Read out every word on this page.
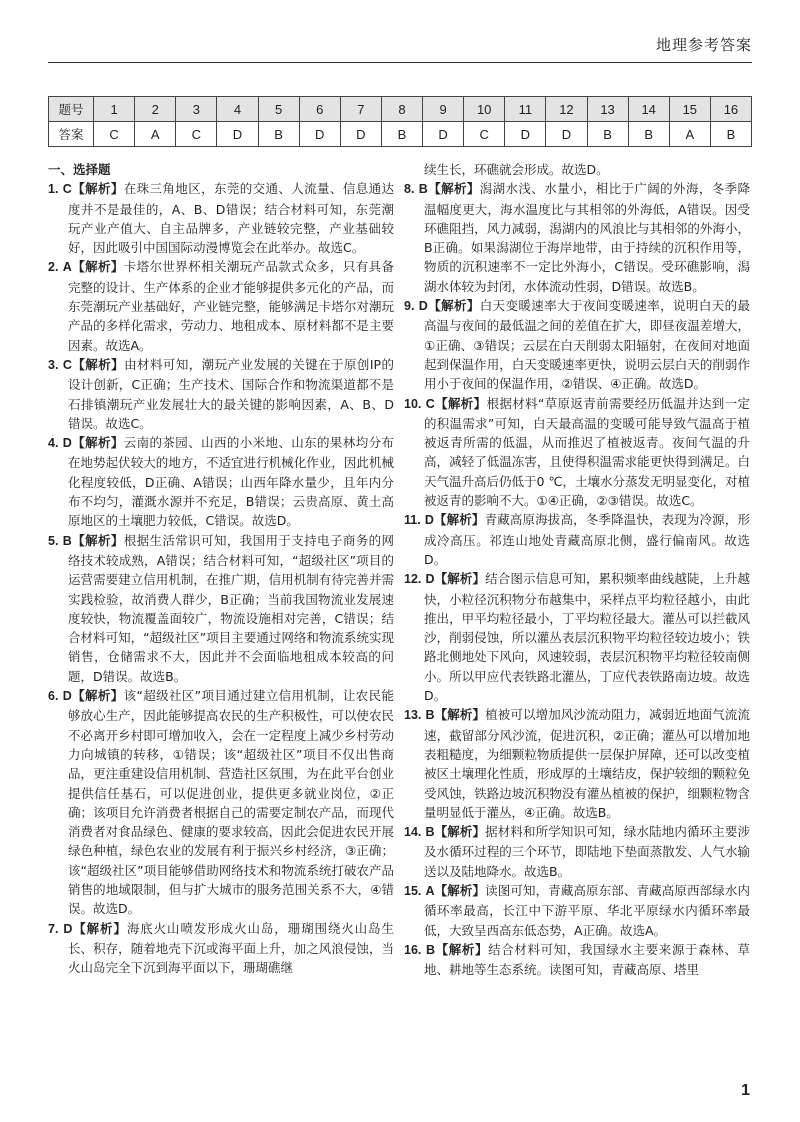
地理参考答案
题号	1	2	3	4	5	6	7	8	9	10	11	12	13	14	15	16
答案	C	A	C	D	B	D	D	B	D	C	D	D	B	B	A	B

一、选择题

1. C【解析】在珠三角地区，东莞的交通、人流量、信息通达度并不是最佳的，A、B、D错误；结合材料可知，东莞潮玩产业产值大、自主品牌多，产业链较完整，产业基础较好，因此吸引中国国际动漫博览会在此举办。故选C。

2. A【解析】卡塔尔世界杯相关潮玩产品款式众多，只有具备完整的设计、生产体系的企业才能够提供多元化的产品，而东莞潮玩产业基础好，产业链完整，能够满足卡塔尔对潮玩产品的多样化需求，劳动力、地租成本、原材料都不是主要因素。故选A。

3. C【解析】由材料可知，潮玩产业发展的关键在于原创IP的设计创新，C正确；生产技术、国际合作和物流渠道都不是石排镇潮玩产业发展壮大的最关键的影响因素，A、B、D错误。故选C。

4. D【解析】云南的茶园、山西的小米地、山东的果林均分布在地势起伏较大的地方，不适宜进行机械化作业，因此机械化程度较低，D正确、A错误；山西年降水量少，且年内分布不均匀，灌溉水源并不充足，B错误；云贵高原、黄土高原地区的土壤肥力较低，C错误。故选D。

5. B【解析】根据生活常识可知，我国用于支持电子商务的网络技术较成熟，A错误；结合材料可知，“超级社区”项目的运营需要建立信用机制，在推广期，信用机制有待完善并需实践检验，故消费人群少，B正确；当前我国物流业发展速度较快，物流覆盖面较广，物流设施相对完善，C错误；结合材料可知，“超级社区”项目主要通过网络和物流系统实现销售，仓储需求不大，因此并不会面临地租成本较高的问题，D错误。故选B。

6. D【解析】该“超级社区”项目通过建立信用机制，让农民能够放心生产，因此能够提高农民的生产积极性，可以使农民不必离开乡村即可增加收入，会在一定程度上减少乡村劳动力向城镇的转移，①错误；该“超级社区”项目不仅出售商品，更注重建设信用机制、营造社区氛围，为在此平台创业提供信任基石，可以促进创业，提供更多就业岗位，②正确；该项目允许消费者根据自己的需要定制农产品，而现代消费者对食品绿色、健康的要求较高，因此会促进农民开展绿色种植，绿色农业的发展有利于振兴乡村经济，③正确；该“超级社区”项目能够借助网络技术和物流系统打破农产品销售的地域限制，但与扩大城市的服务范围关系不大，④错误。故选D。

7. D【解析】海底火山喷发形成火山岛，珊瑚围绕火山岛生长、积存，随着地壳下沉或海平面上升，加之风浪侵蚀，当火山岛完全下沉到海平面以下，珊瑚礁继

续生长，环礁就会形成。故选D。

8. B【解析】潟湖水浅、水量小，相比于广阔的外海，冬季降温幅度更大，海水温度比与其相邻的外海低，A错误。因受环礁阻挡，风力减弱，潟湖内的风浪比与其相邻的外海小，B正确。如果潟湖位于海岸地带，由于持续的沉积作用等，物质的沉积速率不一定比外海小，C错误。受环礁影响，潟湖水体较为封闭，水体流动性弱，D错误。故选B。

9. D【解析】白天变暖速率大于夜间变暖速率，说明白天的最高温与夜间的最低温之间的差值在扩大，即昼夜温差增大，①正确、③错误；云层在白天削弱太阳辐射，在夜间对地面起到保温作用，白天变暖速率更快，说明云层白天的削弱作用小于夜间的保温作用，②错误、④正确。故选D。

10. C【解析】根据材料“草原返青前需要经历低温并达到一定的积温需求”可知，白天最高温的变暖可能导致气温高于植被返青所需的低温，从而推迟了植被返青。夜间气温的升高，减轻了低温冻害，且使得积温需求能更快得到满足。白天气温升高后仍低于0 ℃，土壤水分蒸发无明显变化，对植被返青的影响不大。①④正确，②③错误。故选C。

11. D【解析】青藏高原海拔高，冬季降温快，表现为冷源，形成冷高压。祁连山地处青藏高原北侧，盛行偏南风。故选D。

12. D【解析】结合图示信息可知，累积频率曲线越陡，上升越快，小粒径沉积物分布越集中，采样点平均粒径越小，由此推出，甲平均粒径最小，丁平均粒径最大。灌丛可以拦截风沙，削弱侵蚀，所以灌丛表层沉积物平均粒径较边坡小；铁路北侧地处下风向，风速较弱，表层沉积物平均粒径较南侧小。所以甲应代表铁路北灌丛，丁应代表铁路南边坡。故选D。

13. B【解析】植被可以增加风沙流动阻力，减弱近地面气流流速，截留部分风沙流，促进沉积，②正确；灌丛可以增加地表粗糙度，为细颗粒物质提供一层保护屏障，还可以改变植被区土壤理化性质，形成厚的土壤结皮，保护较细的颗粒免受风蚀，铁路边坡沉积物没有灌丛植被的保护，细颗粒物含量明显低于灌丛，④正确。故选B。

14. B【解析】据材料和所学知识可知，绿水陆地内循环主要涉及水循环过程的三个环节，即陆地下垫面蒸散发、人气水输送以及陆地降水。故选B。

15. A【解析】读图可知，青藏高原东部、青藏高原西部绿水内循环率最高，长江中下游平原、华北平原绿水内循环率最低，大致呈西高东低态势，A正确。故选A。

16. B【解析】结合材料可知，我国绿水主要来源于森林、草地、耕地等生态系统。读图可知，青藏高原、塔里

1
